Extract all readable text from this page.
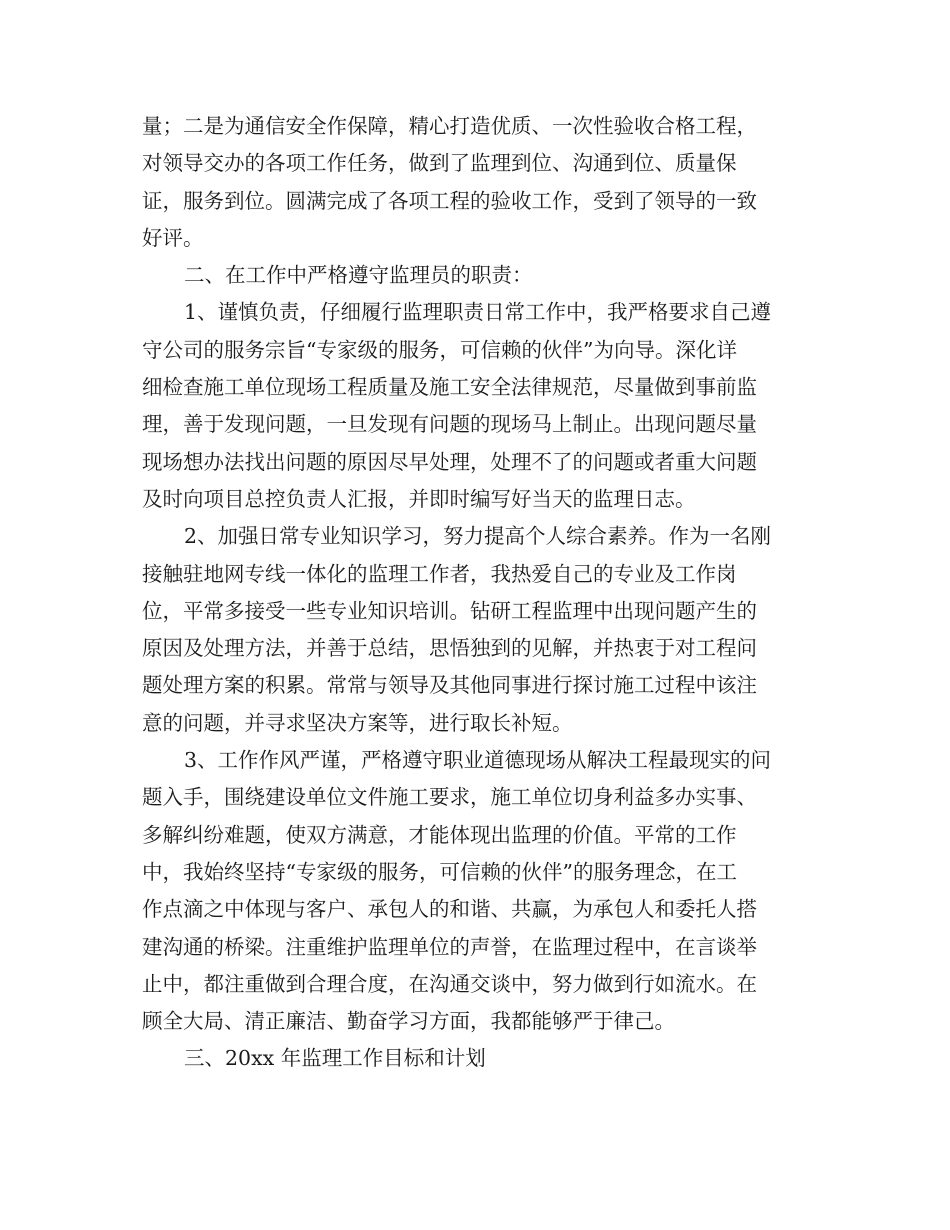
量；二是为通信安全作保障，精心打造优质、一次性验收合格工程，
对领导交办的各项工作任务，做到了监理到位、沟通到位、质量保
证，服务到位。圆满完成了各项工程的验收工作，受到了领导的一致
好评。
二、在工作中严格遵守监理员的职责：
1、谨慎负责，仔细履行监理职责日常工作中，我严格要求自己遵
守公司的服务宗旨“专家级的服务，可信赖的伙伴”为向导。深化详
细检查施工单位现场工程质量及施工安全法律规范，尽量做到事前监
理，善于发现问题，一旦发现有问题的现场马上制止。出现问题尽量
现场想办法找出问题的原因尽早处理，处理不了的问题或者重大问题
及时向项目总控负责人汇报，并即时编写好当天的监理日志。
2、加强日常专业知识学习，努力提高个人综合素养。作为一名刚
接触驻地网专线一体化的监理工作者，我热爱自己的专业及工作岗
位，平常多接受一些专业知识培训。钻研工程监理中出现问题产生的
原因及处理方法，并善于总结，思悟独到的见解，并热衷于对工程问
题处理方案的积累。常常与领导及其他同事进行探讨施工过程中该注
意的问题，并寻求坚决方案等，进行取长补短。
3、工作作风严谨，严格遵守职业道德现场从解决工程最现实的问
题入手，围绕建设单位文件施工要求，施工单位切身利益多办实事、
多解纠纷难题，使双方满意，才能体现出监理的价值。平常的工作
中，我始终坚持“专家级的服务，可信赖的伙伴”的服务理念，在工
作点滴之中体现与客户、承包人的和谐、共赢，为承包人和委托人搭
建沟通的桥梁。注重维护监理单位的声誉，在监理过程中，在言谈举
止中，都注重做到合理合度，在沟通交谈中，努力做到行如流水。在
顾全大局、清正廉洁、勤奋学习方面，我都能够严于律己。
三、20xx 年监理工作目标和计划
